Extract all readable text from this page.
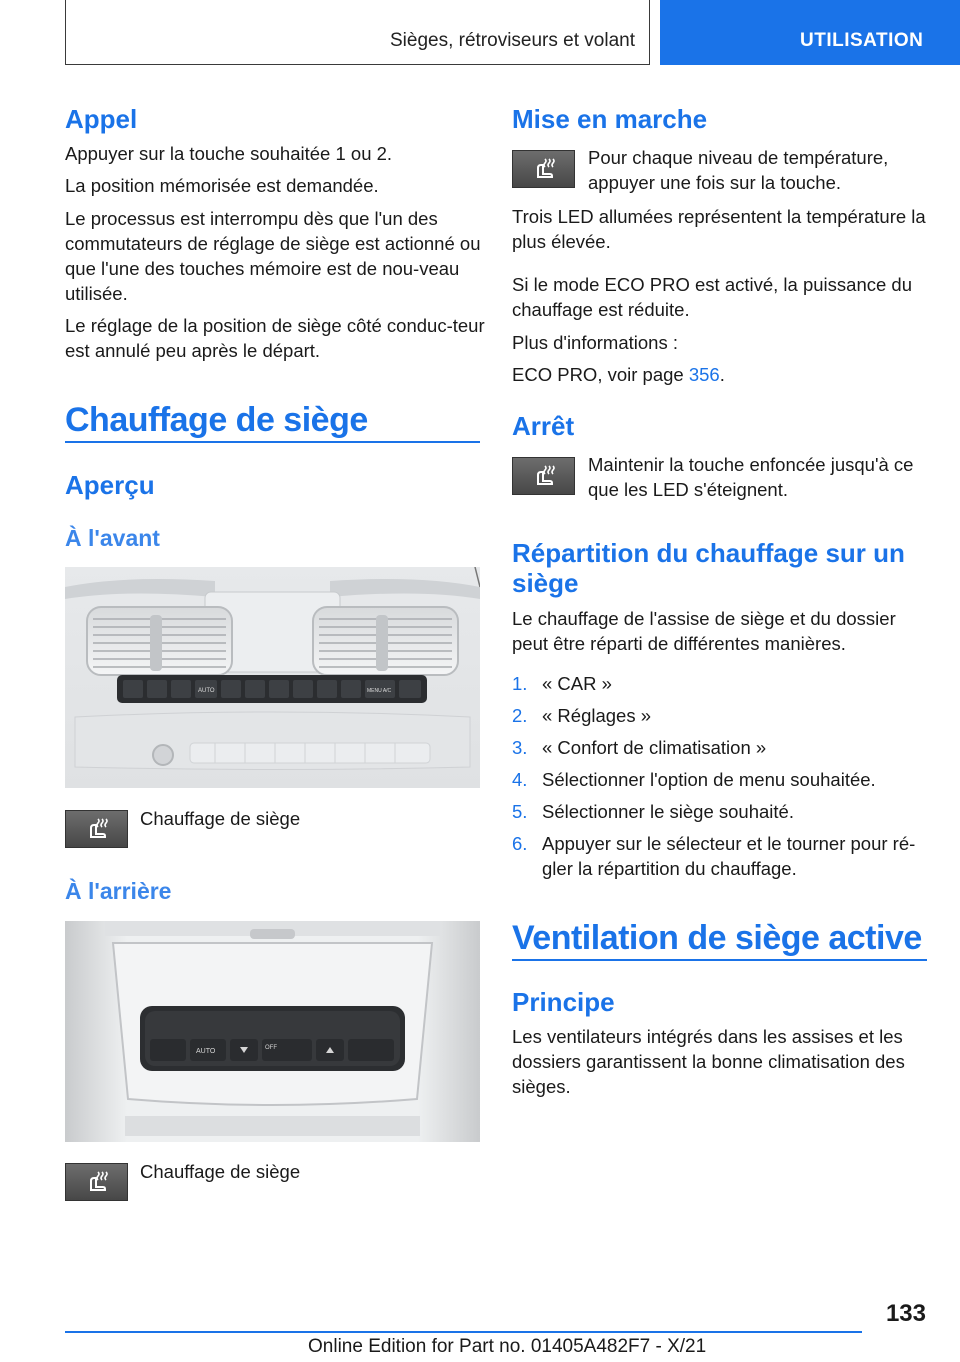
Sièges, rétroviseurs et volant	UTILISATION
Appel
Appuyer sur la touche souhaitée 1 ou 2.
La position mémorisée est demandée.
Le processus est interrompu dès que l'un des commutateurs de réglage de siège est actionné ou que l'une des touches mémoire est de nou-veau utilisée.
Le réglage de la position de siège côté conduc-teur est annulé peu après le départ.
Chauffage de siège
Aperçu
À l'avant
AUTO	MENU A/C
Chauffage de siège
À l'arrière
AUTO	OFF
Chauffage de siège
Mise en marche
Pour chaque niveau de température, appuyer une fois sur la touche.
Trois LED allumées représentent la température la plus élevée.
Si le mode ECO PRO est activé, la puissance du chauffage est réduite.
Plus d'informations :
ECO PRO, voir page 356.
Arrêt
Maintenir la touche enfoncée jusqu'à ce que les LED s'éteignent.
Répartition du chauffage sur un siège
Le chauffage de l'assise de siège et du dossier peut être réparti de différentes manières.
1. « CAR »
2. « Réglages »
3. « Confort de climatisation »
4. Sélectionner l'option de menu souhaitée.
5. Sélectionner le siège souhaité.
6. Appuyer sur le sélecteur et le tourner pour ré-gler la répartition du chauffage.
Ventilation de siège active
Principe
Les ventilateurs intégrés dans les assises et les dossiers garantissent la bonne climatisation des sièges.
133
Online Edition for Part no. 01405A482F7 - X/21
